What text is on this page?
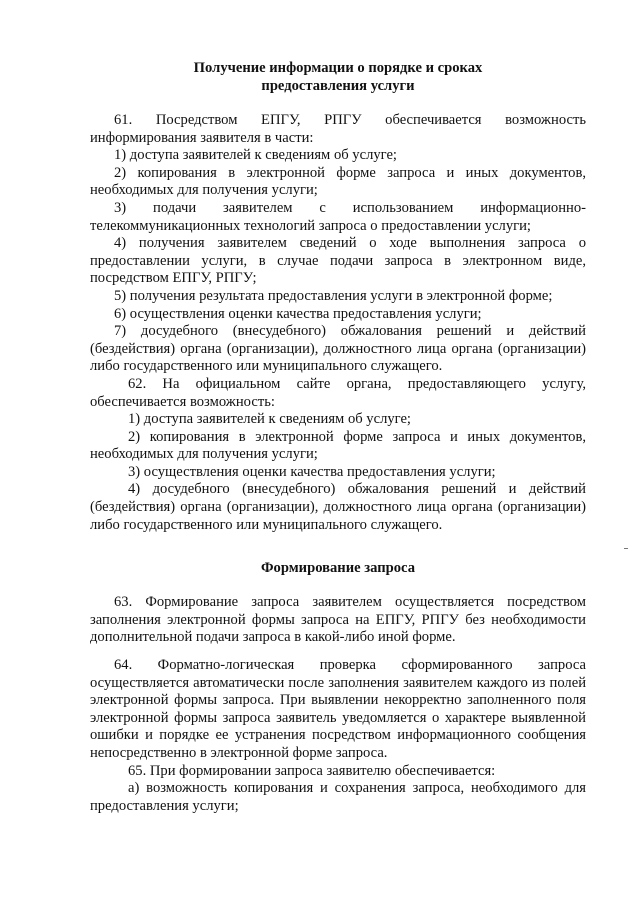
Получение информации о порядке и сроках
предоставления услуги

61. Посредством ЕПГУ, РПГУ обеспечивается возможность информирования заявителя в части:

1) доступа заявителей к сведениям об услуге;

2) копирования в электронной форме запроса и иных документов, необходимых для получения услуги;

3) подачи заявителем с использованием информационно-телекоммуникационных технологий запроса о предоставлении услуги;

4) получения заявителем сведений о ходе выполнения запроса о предоставлении услуги, в случае подачи запроса в электронном виде, посредством ЕПГУ, РПГУ;

5) получения результата предоставления услуги в электронной форме;

6) осуществления оценки качества предоставления услуги;

7) досудебного (внесудебного) обжалования решений и действий (бездействия) органа (организации), должностного лица органа (организации) либо государственного или муниципального служащего.

62. На официальном сайте органа, предоставляющего услугу, обеспечивается возможность:

1) доступа заявителей к сведениям об услуге;

2) копирования в электронной форме запроса и иных документов, необходимых для получения услуги;

3) осуществления оценки качества предоставления услуги;

4) досудебного (внесудебного) обжалования решений и действий (бездействия) органа (организации), должностного лица органа (организации) либо государственного или муниципального служащего.

Формирование запроса

63. Формирование запроса заявителем осуществляется посредством заполнения электронной формы запроса на ЕПГУ, РПГУ без необходимости дополнительной подачи запроса в какой-либо иной форме.

64. Форматно-логическая проверка сформированного запроса осуществляется автоматически после заполнения заявителем каждого из полей электронной формы запроса. При выявлении некорректно заполненного поля электронной формы запроса заявитель уведомляется о характере выявленной ошибки и порядке ее устранения посредством информационного сообщения непосредственно в электронной форме запроса.

65. При формировании запроса заявителю обеспечивается:

а) возможность копирования и сохранения запроса, необходимого для предоставления услуги;
